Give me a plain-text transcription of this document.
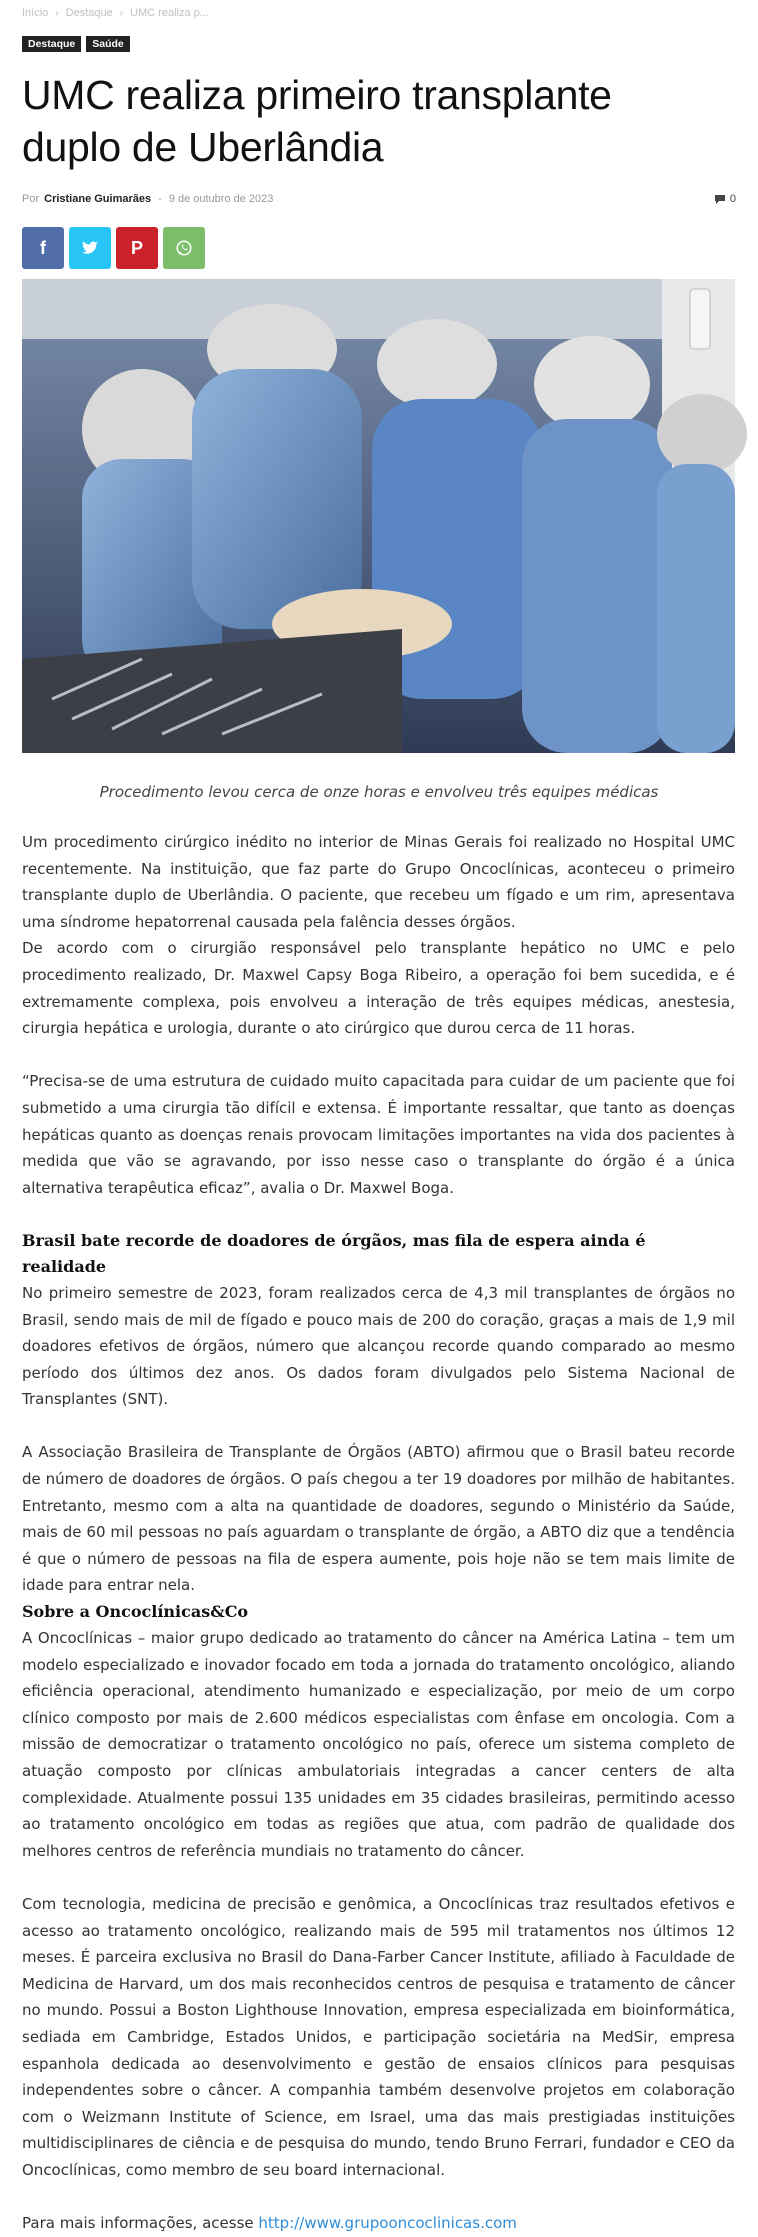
Início › Destaque › UMC realiza p...
Destaque	Saúde
UMC realiza primeiro transplante duplo de Uberlândia
Por Cristiane Guimarães - 9 de outubro de 2023	0
f	P
Procedimento levou cerca de onze horas e envolveu três equipes médicas

Um procedimento cirúrgico inédito no interior de Minas Gerais foi realizado no Hospital UMC recentemente. Na instituição, que faz parte do Grupo Oncoclínicas, aconteceu o primeiro transplante duplo de Uberlândia. O paciente, que recebeu um fígado e um rim, apresentava uma síndrome hepatorrenal causada pela falência desses órgãos.

De acordo com o cirurgião responsável pelo transplante hepático no UMC e pelo procedimento realizado, Dr. Maxwel Capsy Boga Ribeiro, a operação foi bem sucedida, e é extremamente complexa, pois envolveu a interação de três equipes médicas, anestesia, cirurgia hepática e urologia, durante o ato cirúrgico que durou cerca de 11 horas.

“Precisa-se de uma estrutura de cuidado muito capacitada para cuidar de um paciente que foi submetido a uma cirurgia tão difícil e extensa. É importante ressaltar, que tanto as doenças hepáticas quanto as doenças renais provocam limitações importantes na vida dos pacientes à medida que vão se agravando, por isso nesse caso o transplante do órgão é a única alternativa terapêutica eficaz”, avalia o Dr. Maxwel Boga.

Brasil bate recorde de doadores de órgãos, mas fila de espera ainda é realidade

No primeiro semestre de 2023, foram realizados cerca de 4,3 mil transplantes de órgãos no Brasil, sendo mais de mil de fígado e pouco mais de 200 do coração, graças a mais de 1,9 mil doadores efetivos de órgãos, número que alcançou recorde quando comparado ao mesmo período dos últimos dez anos. Os dados foram divulgados pelo Sistema Nacional de Transplantes (SNT).

A Associação Brasileira de Transplante de Órgãos (ABTO) afirmou que o Brasil bateu recorde de número de doadores de órgãos. O país chegou a ter 19 doadores por milhão de habitantes. Entretanto, mesmo com a alta na quantidade de doadores, segundo o Ministério da Saúde, mais de 60 mil pessoas no país aguardam o transplante de órgão, a ABTO diz que a tendência é que o número de pessoas na fila de espera aumente, pois hoje não se tem mais limite de idade para entrar nela.

Sobre a Oncoclínicas&Co

A Oncoclínicas – maior grupo dedicado ao tratamento do câncer na América Latina – tem um modelo especializado e inovador focado em toda a jornada do tratamento oncológico, aliando eficiência operacional, atendimento humanizado e especialização, por meio de um corpo clínico composto por mais de 2.600 médicos especialistas com ênfase em oncologia. Com a missão de democratizar o tratamento oncológico no país, oferece um sistema completo de atuação composto por clínicas ambulatoriais integradas a cancer centers de alta complexidade. Atualmente possui 135 unidades em 35 cidades brasileiras, permitindo acesso ao tratamento oncológico em todas as regiões que atua, com padrão de qualidade dos melhores centros de referência mundiais no tratamento do câncer.

Com tecnologia, medicina de precisão e genômica, a Oncoclínicas traz resultados efetivos e acesso ao tratamento oncológico, realizando mais de 595 mil tratamentos nos últimos 12 meses. É parceira exclusiva no Brasil do Dana-Farber Cancer Institute, afiliado à Faculdade de Medicina de Harvard, um dos mais reconhecidos centros de pesquisa e tratamento de câncer no mundo. Possui a Boston Lighthouse Innovation, empresa especializada em bioinformática, sediada em Cambridge, Estados Unidos, e participação societária na MedSir, empresa espanhola dedicada ao desenvolvimento e gestão de ensaios clínicos para pesquisas independentes sobre o câncer. A companhia também desenvolve projetos em colaboração com o Weizmann Institute of Science, em Israel, uma das mais prestigiadas instituições multidisciplinares de ciência e de pesquisa do mundo, tendo Bruno Ferrari, fundador e CEO da Oncoclínicas, como membro de seu board internacional.

Para mais informações, acesse http://www.grupooncoclinicas.com
